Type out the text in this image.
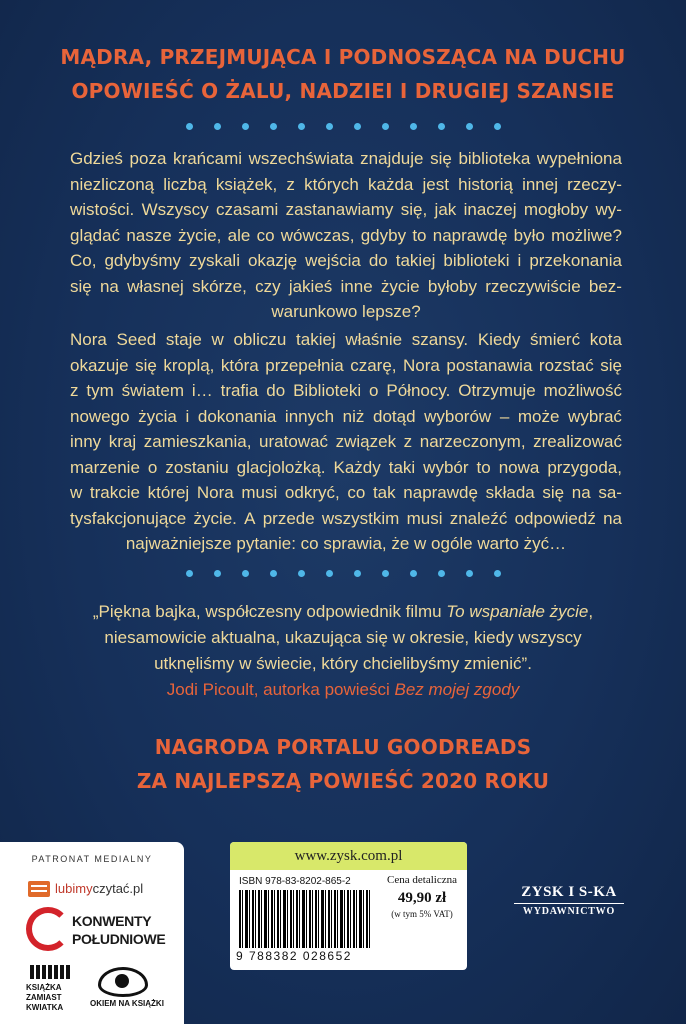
MĄDRA, PRZEJMUJĄCA I PODNOSZĄCA NA DUCHU
OPOWIEŚĆ O ŻALU, NADZIEI I DRUGIEJ SZANSIE
Gdzieś poza krańcami wszechświata znajduje się biblioteka wypełniona
niezliczoną liczbą książek, z których każda jest historią innej rzeczy-
wistości. Wszyscy czasami zastanawiamy się, jak inaczej mogłoby wy-
glądać nasze życie, ale co wówczas, gdyby to naprawdę było możliwe?
Co, gdybyśmy zyskali okazję wejścia do takiej biblioteki i przekonania
się na własnej skórze, czy jakieś inne życie byłoby rzeczywiście bez-
warunkowo lepsze?
Nora Seed staje w obliczu takiej właśnie szansy. Kiedy śmierć kota
okazuje się kroplą, która przepełnia czarę, Nora postanawia rozstać się
z tym światem i… trafia do Biblioteki o Północy. Otrzymuje możliwość
nowego życia i dokonania innych niż dotąd wyborów – może wybrać
inny kraj zamieszkania, uratować związek z narzeczonym, zrealizować
marzenie o zostaniu glacjolożką. Każdy taki wybór to nowa przygoda,
w trakcie której Nora musi odkryć, co tak naprawdę składa się na sa-
tysfakcjonujące życie. A przede wszystkim musi znaleźć odpowiedź na
najważniejsze pytanie: co sprawia, że w ogóle warto żyć…
„Piękna bajka, współczesny odpowiednik filmu To wspaniałe życie,
niesamowicie aktualna, ukazująca się w okresie, kiedy wszyscy
utknęliśmy w świecie, który chcielibyśmy zmienić”.
Jodi Picoult, autorka powieści Bez mojej zgody
NAGRODA PORTALU GOODREADS
ZA NAJLEPSZĄ POWIEŚĆ 2020 ROKU
PATRONAT MEDIALNY
lubimyczytać.pl
KONWENTY
POŁUDNIOWE
KSIĄŻKA
ZAMIAST
KWIATKA	OKIEM NA KSIĄŻKI
www.zysk.com.pl
ISBN 978-83-8202-865-2
9 788382 028652
Cena detaliczna
49,90 zł
(w tym 5% VAT)
ZYSK I S-KA
WYDAWNICTWO
